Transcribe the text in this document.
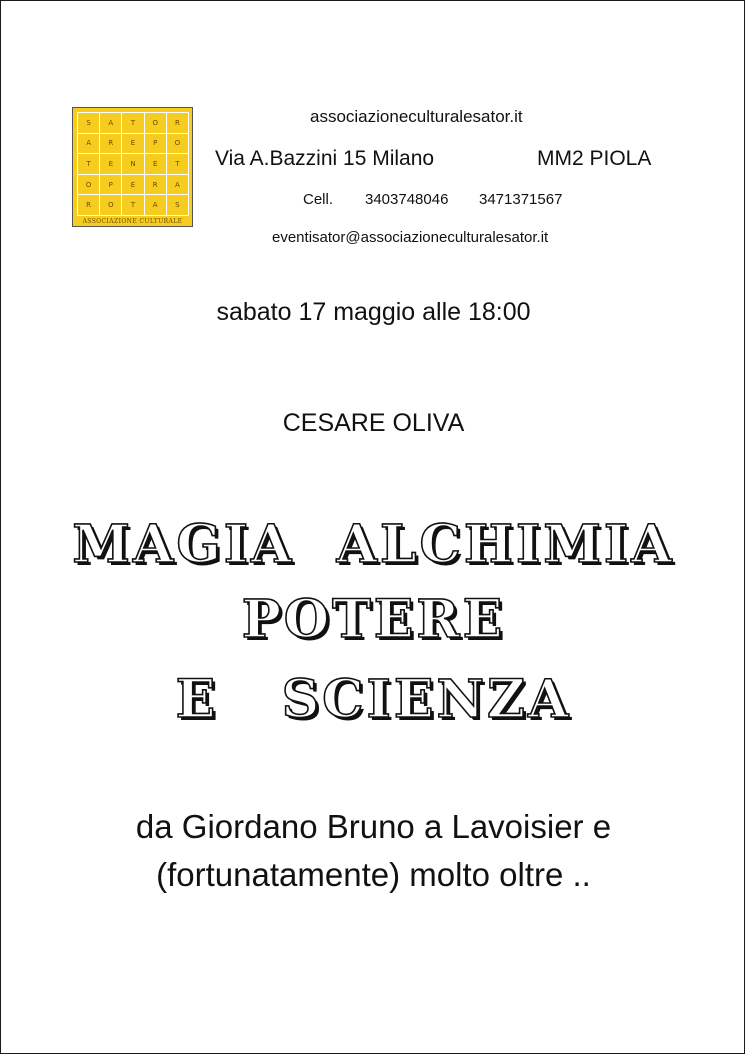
S	A	T	O	R
A	R	E	P	O
T	E	N	E	T
O	P	E	R	A
R	O	T	A	S
ASSOCIAZIONE CULTURALE
associazioneculturalesator.it
Via A.Bazzini 15 Milano	MM2 PIOLA
Cell. 3403748046 3471371567
eventisator@associazioneculturalesator.it
sabato 17 maggio alle 18:00
CESARE OLIVA
MAGIA  ALCHIMIA
POTERE
E   SCIENZA
da Giordano Bruno a Lavoisier e
(fortunatamente) molto oltre ..
